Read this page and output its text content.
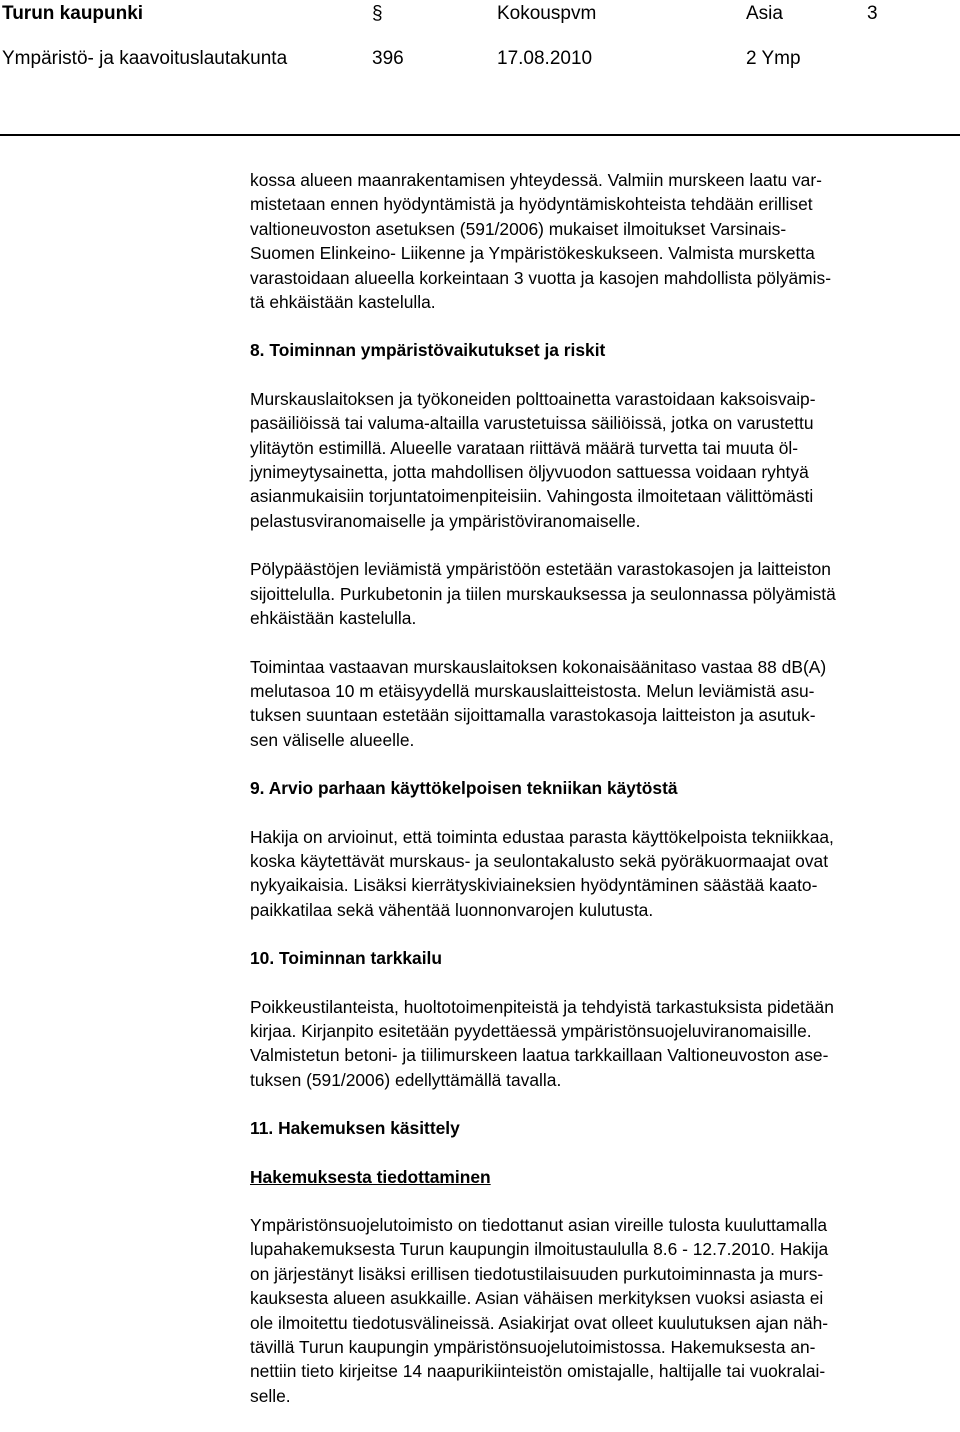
Turun kaupunki	§	Kokouspvm	Asia	3
Ympäristö- ja kaavoituslautakunta	396	17.08.2010	2 Ymp
kossa alueen maanrakentamisen yhteydessä. Valmiin murskeen laatu var-
mistetaan ennen hyödyntämistä ja hyödyntämiskohteista tehdään erilliset
valtioneuvoston asetuksen (591/2006) mukaiset ilmoitukset Varsinais-
Suomen Elinkeino- Liikenne ja Ympäristökeskukseen. Valmista mursketta
varastoidaan alueella korkeintaan 3 vuotta ja kasojen mahdollista pölyämis-
tä ehkäistään kastelulla.
8. Toiminnan ympäristövaikutukset ja riskit
Murskauslaitoksen ja työkoneiden polttoainetta varastoidaan kaksoisvaip-
pasäiliöissä tai valuma-altailla varustetuissa säiliöissä, jotka on varustettu
ylitäytön estimillä. Alueelle varataan riittävä määrä turvetta tai muuta öl-
jynimeytysainetta, jotta mahdollisen öljyvuodon sattuessa voidaan ryhtyä
asianmukaisiin torjuntatoimenpiteisiin. Vahingosta ilmoitetaan välittömästi
pelastusviranomaiselle ja ympäristöviranomaiselle.
Pölypäästöjen leviämistä ympäristöön estetään varastokasojen ja laitteiston
sijoittelulla. Purkubetonin ja tiilen murskauksessa ja seulonnassa pölyämistä
ehkäistään kastelulla.
Toimintaa vastaavan murskauslaitoksen kokonaisäänitaso vastaa 88 dB(A)
melutasoa 10 m etäisyydellä murskauslaitteistosta. Melun leviämistä asu-
tuksen suuntaan estetään sijoittamalla varastokasoja laitteiston ja asutuk-
sen väliselle alueelle.
9. Arvio parhaan käyttökelpoisen tekniikan käytöstä
Hakija on arvioinut, että toiminta edustaa parasta käyttökelpoista tekniikkaa,
koska käytettävät murskaus- ja seulontakalusto sekä pyöräkuormaajat ovat
nykyaikaisia. Lisäksi kierrätyskiviaineksien hyödyntäminen säästää kaato-
paikkatilaa sekä vähentää luonnonvarojen kulutusta.
10. Toiminnan tarkkailu
Poikkeustilanteista, huoltotoimenpiteistä ja tehdyistä tarkastuksista pidetään
kirjaa. Kirjanpito esitetään pyydettäessä ympäristönsuojeluviranomaisille.
Valmistetun betoni- ja tiilimurskeen laatua tarkkaillaan Valtioneuvoston ase-
tuksen (591/2006) edellyttämällä tavalla.
11. Hakemuksen käsittely
Hakemuksesta tiedottaminen
Ympäristönsuojelutoimisto on tiedottanut asian vireille tulosta kuuluttamalla
lupahakemuksesta Turun kaupungin ilmoitustaululla 8.6 - 12.7.2010. Hakija
on järjestänyt lisäksi erillisen tiedotustilaisuuden purkutoiminnasta ja murs-
kauksesta alueen asukkaille. Asian vähäisen merkityksen vuoksi asiasta ei
ole ilmoitettu tiedotusvälineissä. Asiakirjat ovat olleet kuulutuksen ajan näh-
tävillä Turun kaupungin ympäristönsuojelutoimistossa. Hakemuksesta an-
nettiin tieto kirjeitse 14 naapurikiinteistön omistajalle, haltijalle tai vuokralai-
selle.
